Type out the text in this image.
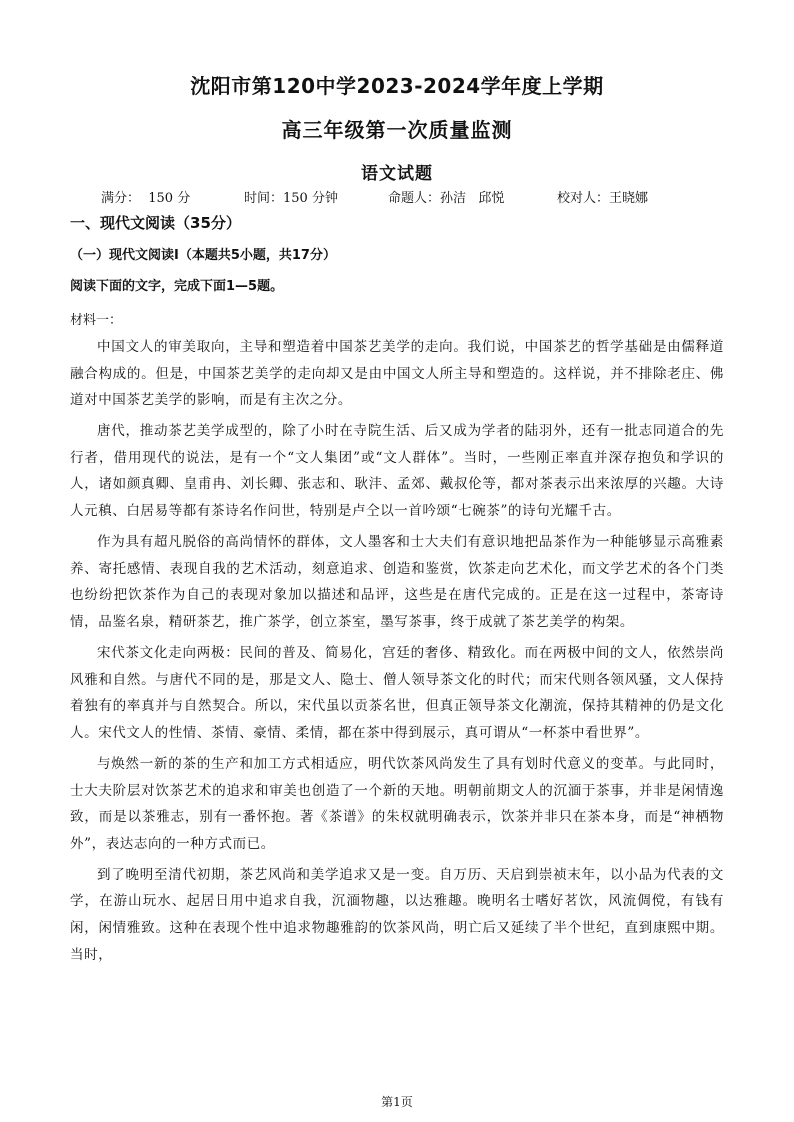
沈阳市第120中学2023-2024学年度上学期
高三年级第一次质量监测
语文试题
满分：  150 分	时间：150 分钟	命题人：孙洁   邱悦	校对人：王晓娜
一、现代文阅读（35分）
（一）现代文阅读Ⅰ（本题共5小题，共17分）
阅读下面的文字，完成下面1—5题。
材料一：

中国文人的审美取向，主导和塑造着中国茶艺美学的走向。我们说，中国茶艺的哲学基础是由儒释道融合构成的。但是，中国茶艺美学的走向却又是由中国文人所主导和塑造的。这样说，并不排除老庄、佛道对中国茶艺美学的影响，而是有主次之分。

唐代，推动茶艺美学成型的，除了小时在寺院生活、后又成为学者的陆羽外，还有一批志同道合的先行者，借用现代的说法，是有一个“文人集团”或“文人群体”。当时，一些刚正率直并深存抱负和学识的人，诸如颜真卿、皇甫冉、刘长卿、张志和、耿沣、孟郊、戴叔伦等，都对茶表示出来浓厚的兴趣。大诗人元稹、白居易等都有茶诗名作问世，特别是卢仝以一首吟颂“七碗茶”的诗句光耀千古。

作为具有超凡脱俗的高尚情怀的群体，文人墨客和士大夫们有意识地把品茶作为一种能够显示高雅素养、寄托感情、表现自我的艺术活动，刻意追求、创造和鉴赏，饮茶走向艺术化，而文学艺术的各个门类也纷纷把饮茶作为自己的表现对象加以描述和品评，这些是在唐代完成的。正是在这一过程中，茶寄诗情，品鉴名泉，精研茶艺，推广茶学，创立茶室，墨写茶事，终于成就了茶艺美学的构架。

宋代茶文化走向两极：民间的普及、简易化，宫廷的奢侈、精致化。而在两极中间的文人，依然崇尚风雅和自然。与唐代不同的是，那是文人、隐士、僧人领导茶文化的时代；而宋代则各领风骚，文人保持着独有的率真并与自然契合。所以，宋代虽以贡茶名世，但真正领导茶文化潮流，保持其精神的仍是文化人。宋代文人的性情、茶情、豪情、柔情，都在茶中得到展示，真可谓从“一杯茶中看世界”。

与焕然一新的茶的生产和加工方式相适应，明代饮茶风尚发生了具有划时代意义的变革。与此同时，士大夫阶层对饮茶艺术的追求和审美也创造了一个新的天地。明朝前期文人的沉湎于茶事，并非是闲情逸致，而是以茶雅志，别有一番怀抱。著《茶谱》的朱权就明确表示，饮茶并非只在茶本身，而是“神栖物外”，表达志向的一种方式而已。

到了晚明至清代初期，茶艺风尚和美学追求又是一变。自万历、天启到崇祯末年，以小品为代表的文学，在游山玩水、起居日用中追求自我，沉湎物趣，以达雅趣。晚明名士嗜好茗饮，风流倜傥，有钱有闲，闲情雅致。这种在表现个性中追求物趣雅韵的饮茶风尚，明亡后又延续了半个世纪，直到康熙中期。当时，

第1页
